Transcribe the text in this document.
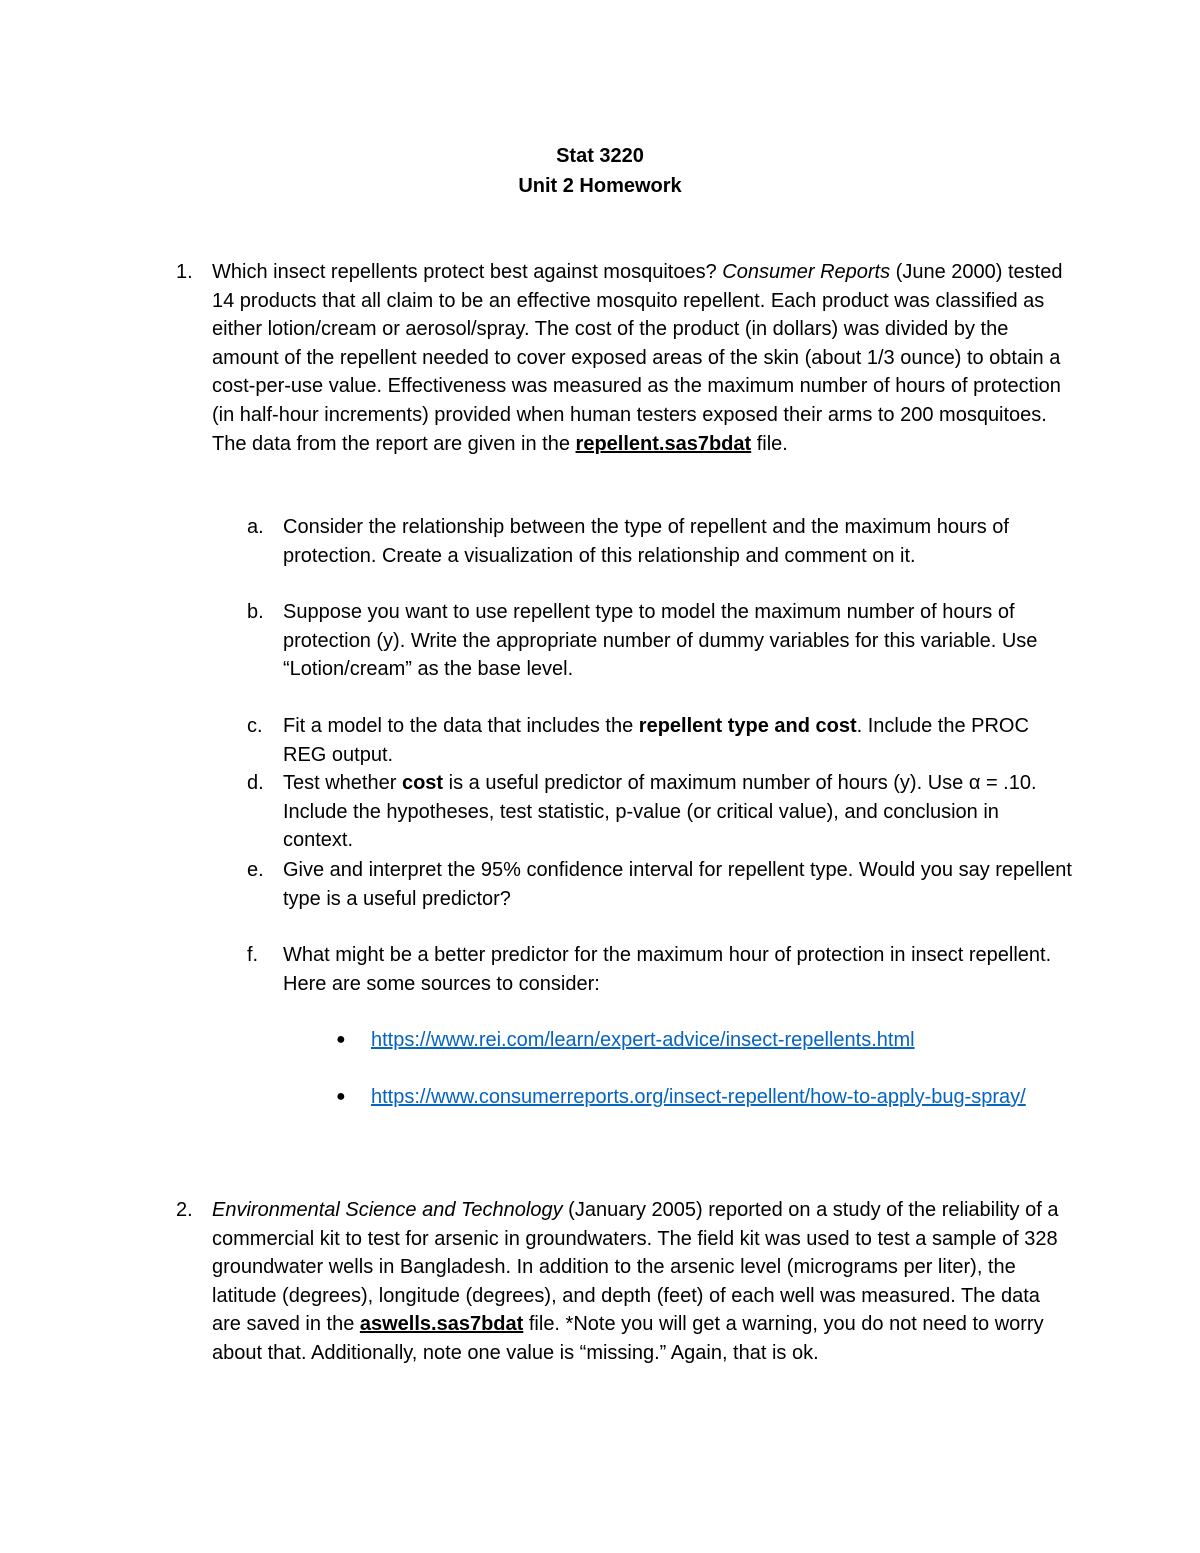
Stat 3220
Unit 2 Homework
1. Which insect repellents protect best against mosquitoes? Consumer Reports (June 2000) tested 14 products that all claim to be an effective mosquito repellent. Each product was classified as either lotion/cream or aerosol/spray. The cost of the product (in dollars) was divided by the amount of the repellent needed to cover exposed areas of the skin (about 1/3 ounce) to obtain a cost-per-use value. Effectiveness was measured as the maximum number of hours of protection (in half-hour increments) provided when human testers exposed their arms to 200 mosquitoes. The data from the report are given in the repellent.sas7bdat file.
a. Consider the relationship between the type of repellent and the maximum hours of protection. Create a visualization of this relationship and comment on it.
b. Suppose you want to use repellent type to model the maximum number of hours of protection (y). Write the appropriate number of dummy variables for this variable. Use “Lotion/cream” as the base level.
c. Fit a model to the data that includes the repellent type and cost. Include the PROC REG output.
d. Test whether cost is a useful predictor of maximum number of hours (y). Use α = .10. Include the hypotheses, test statistic, p-value (or critical value), and conclusion in context.
e. Give and interpret the 95% confidence interval for repellent type. Would you say repellent type is a useful predictor?
f. What might be a better predictor for the maximum hour of protection in insect repellent. Here are some sources to consider:
● https://www.rei.com/learn/expert-advice/insect-repellents.html
● https://www.consumerreports.org/insect-repellent/how-to-apply-bug-spray/
2. Environmental Science and Technology (January 2005) reported on a study of the reliability of a commercial kit to test for arsenic in groundwaters. The field kit was used to test a sample of 328 groundwater wells in Bangladesh. In addition to the arsenic level (micrograms per liter), the latitude (degrees), longitude (degrees), and depth (feet) of each well was measured. The data are saved in the aswells.sas7bdat file. *Note you will get a warning, you do not need to worry about that. Additionally, note one value is “missing.” Again, that is ok.
